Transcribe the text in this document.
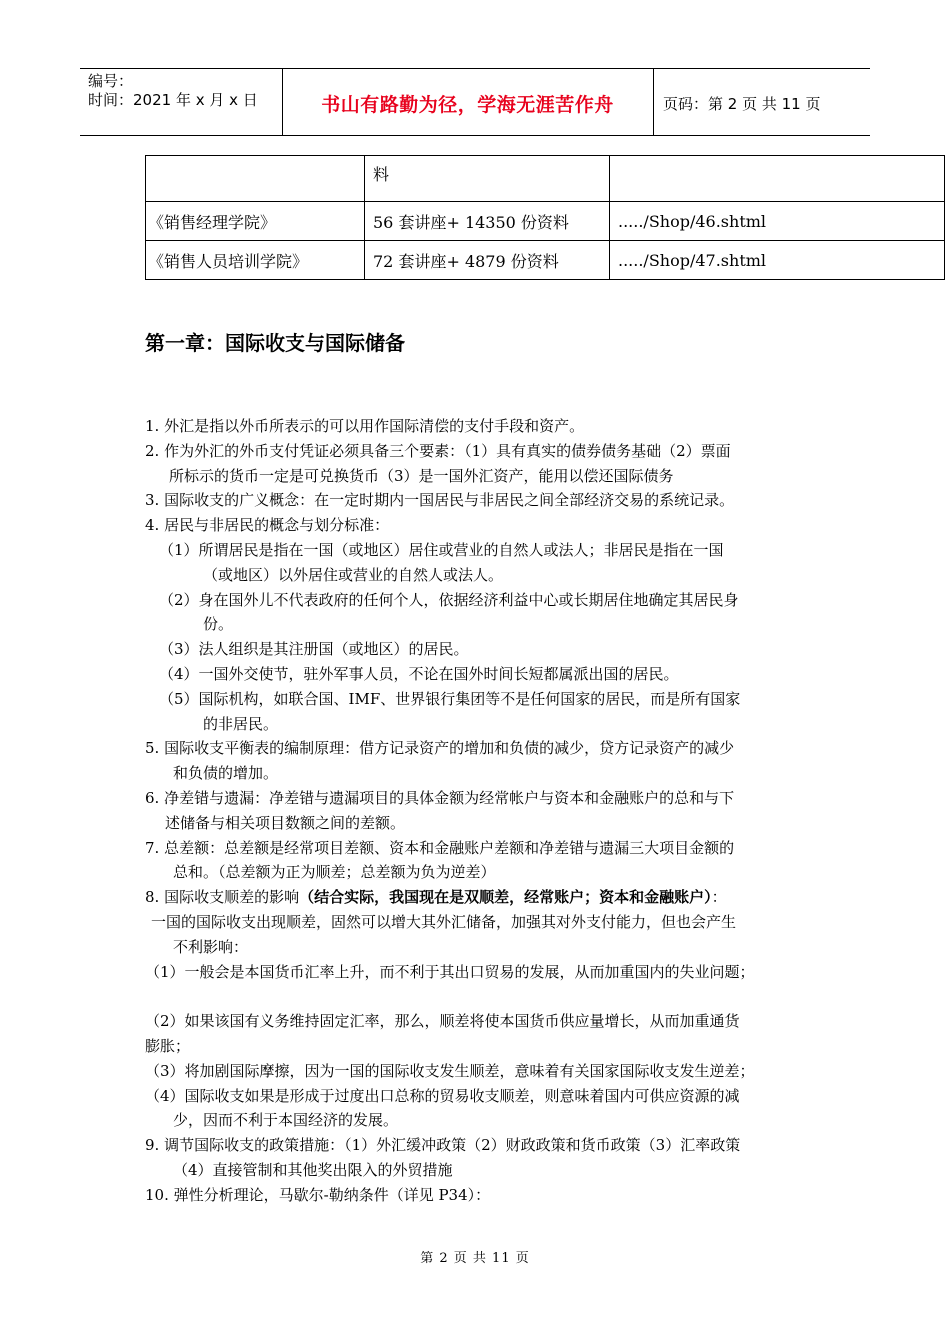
编号：
时间：2021 年 x 月 x 日	书山有路勤为径，学海无涯苦作舟	页码：第 2 页 共 11 页
	料	
《销售经理学院》	56 套讲座+ 14350 份资料	...../Shop/46.shtml
《销售人员培训学院》	72 套讲座+ 4879 份资料	...../Shop/47.shtml
第一章：国际收支与国际储备

1. 外汇是指以外币所表示的可以用作国际清偿的支付手段和资产。

2. 作为外汇的外币支付凭证必须具备三个要素：（1）具有真实的债券债务基础（2）票面

所标示的货币一定是可兑换货币（3）是一国外汇资产，能用以偿还国际债务

3. 国际收支的广义概念：在一定时期内一国居民与非居民之间全部经济交易的系统记录。

4. 居民与非居民的概念与划分标准：

（1）所谓居民是指在一国（或地区）居住或营业的自然人或法人；非居民是指在一国

（或地区）以外居住或营业的自然人或法人。

（2）身在国外儿不代表政府的任何个人，依据经济利益中心或长期居住地确定其居民身

份。

（3）法人组织是其注册国（或地区）的居民。

（4）一国外交使节，驻外军事人员，不论在国外时间长短都属派出国的居民。

（5）国际机构，如联合国、IMF、世界银行集团等不是任何国家的居民，而是所有国家

的非居民。

5. 国际收支平衡表的编制原理：借方记录资产的增加和负债的减少，贷方记录资产的减少

和负债的增加。

6. 净差错与遗漏：净差错与遗漏项目的具体金额为经常帐户与资本和金融账户的总和与下

述储备与相关项目数额之间的差额。

7. 总差额：总差额是经常项目差额、资本和金融账户差额和净差错与遗漏三大项目金额的

总和。（总差额为正为顺差；总差额为负为逆差）

8. 国际收支顺差的影响（结合实际，我国现在是双顺差，经常账户；资本和金融账户）：

一国的国际收支出现顺差，固然可以增大其外汇储备，加强其对外支付能力，但也会产生

不利影响：

（1）一般会是本国货币汇率上升，而不利于其出口贸易的发展，从而加重国内的失业问题；

（2）如果该国有义务维持固定汇率，那么，顺差将使本国货币供应量增长，从而加重通货

膨胀；

（3）将加剧国际摩擦，因为一国的国际收支发生顺差，意味着有关国家国际收支发生逆差；

（4）国际收支如果是形成于过度出口总称的贸易收支顺差，则意味着国内可供应资源的减

少，因而不利于本国经济的发展。

9. 调节国际收支的政策措施：（1）外汇缓冲政策（2）财政政策和货币政策（3）汇率政策

（4）直接管制和其他奖出限入的外贸措施

10. 弹性分析理论，马歇尔-勒纳条件（详见 P34）：

第 2 页 共 11 页
